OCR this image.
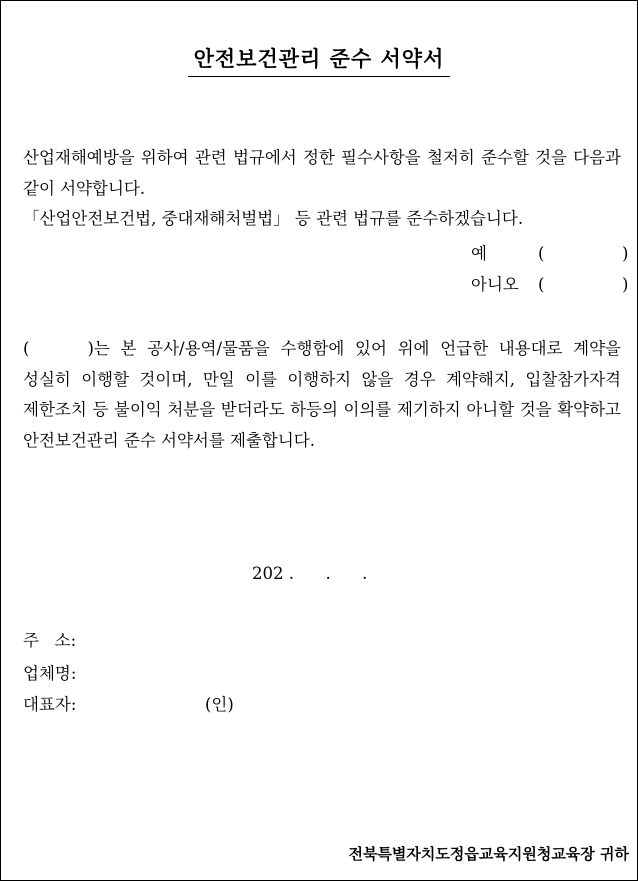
안전보건관리 준수 서약서
산업재해예방을 위하여 관련 법규에서 정한 필수사항을 철저히 준수할 것을 다음과 같이 서약합니다.
「산업안전보건법, 중대재해처벌법」 등 관련 법규를 준수하겠습니다.
예	(	)
아니오 (	)
(	)는 본 공사/용역/물품을 수행함에 있어 위에 언급한 내용대로 계약을 성실히 이행할 것이며, 만일 이를 이행하지 않을 경우 계약해지, 입찰참가자격 제한조치 등 불이익 처분을 받더라도 하등의 이의를 제기하지 아니할 것을 확약하고 안전보건관리 준수 서약서를 제출합니다.
202 .      .      .
주   소:
업체명:
대표자:	(인)
전북특별자치도정읍교육지원청교육장 귀하
